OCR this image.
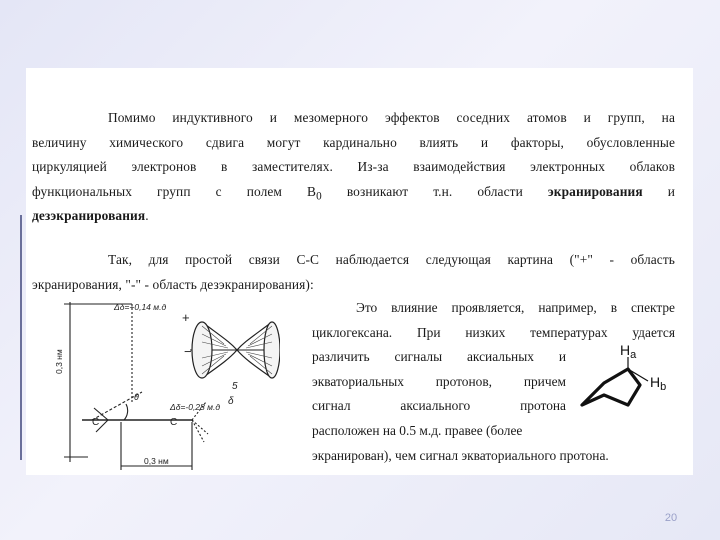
Помимо индуктивного и мезомерного эффектов соседних атомов и групп, на
величину химического сдвига могут кардинально влиять и факторы, обусловленные
циркуляцией электронов в заместителях. Из-за взаимодействия электронных облаков
функциональных групп с полем $B_0$ возникают т.н. области экранирования и
дезэкранирования.
Так, для простой связи С-С наблюдается следующая картина ("+" - область
экранирования, "-" - область дезэкранирования):
Это влияние проявляется, например, в спектре
циклогексана. При низких температурах удается
различить сигналы аксиальных и
экваториальных протонов, причем
сигнал аксиального протона
расположен на 0.5 м.д. правее (более
экранирован), чем сигнал экваториального протона.
Δδ=+0,14 м.д
Δδ=-0,28 м.д
0,3 нм
0,3 нм
θ
C	C
+
−
δ
5
$H_a$
$H_b$
20
